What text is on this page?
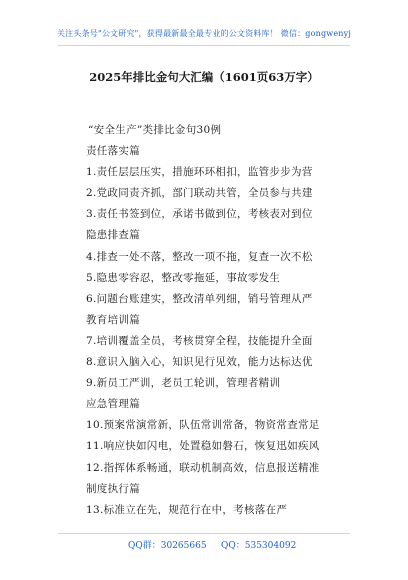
关注头条号"公文研究"，获得最新最全最专业的公文资料库！ 微信：gongwenyj
2025年排比金句大汇编（1601页63万字）
“安全生产”类排比金句30例
责任落实篇
1.责任层层压实，措施环环相扣，监管步步为营
2.党政同责齐抓，部门联动共管，全员参与共建
3.责任书签到位，承诺书做到位，考核表对到位
隐患排查篇
4.排查一处不落，整改一项不拖，复查一次不松
5.隐患零容忍，整改零拖延，事故零发生
6.问题台账建实，整改清单列细，销号管理从严
教育培训篇
7.培训覆盖全员，考核贯穿全程，技能提升全面
8.意识入脑入心，知识见行见效，能力达标达优
9.新员工严训，老员工轮训，管理者精训
应急管理篇
10.预案常演常新，队伍常训常备，物资常查常足
11.响应快如闪电，处置稳如磐石，恢复迅如疾风
12.指挥体系畅通，联动机制高效，信息报送精准
制度执行篇
13.标准立在先，规范行在中，考核落在严
QQ群：30265665 QQ：535304092
